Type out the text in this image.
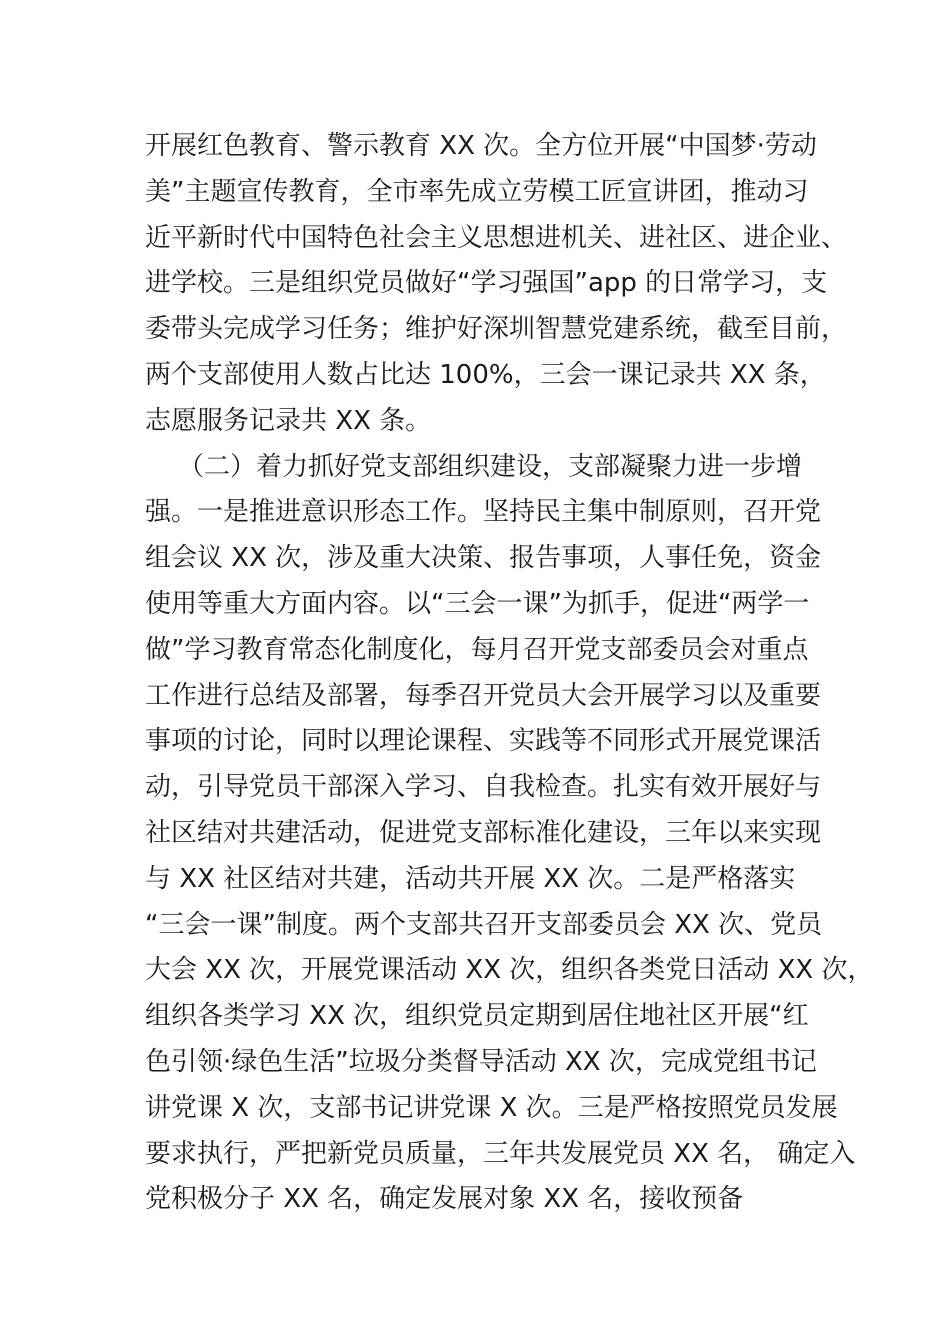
开展红色教育、警示教育 XX 次。全方位开展“中国梦·劳动
美”主题宣传教育，全市率先成立劳模工匠宣讲团，推动习
近平新时代中国特色社会主义思想进机关、进社区、进企业、
进学校。三是组织党员做好“学习强国”app 的日常学习，支
委带头完成学习任务；维护好深圳智慧党建系统，截至目前，
两个支部使用人数占比达 100%，三会一课记录共 XX 条，
志愿服务记录共 XX 条。
（二）着力抓好党支部组织建设，支部凝聚力进一步增
强。一是推进意识形态工作。坚持民主集中制原则，召开党
组会议 XX 次，涉及重大决策、报告事项，人事任免，资金
使用等重大方面内容。以“三会一课”为抓手，促进“两学一
做”学习教育常态化制度化，每月召开党支部委员会对重点
工作进行总结及部署，每季召开党员大会开展学习以及重要
事项的讨论，同时以理论课程、实践等不同形式开展党课活
动，引导党员干部深入学习、自我检查。扎实有效开展好与
社区结对共建活动，促进党支部标准化建设，三年以来实现
与 XX 社区结对共建，活动共开展 XX 次。二是严格落实
“三会一课”制度。两个支部共召开支部委员会 XX 次、党员
大会 XX 次，开展党课活动 XX 次，组织各类党日活动 XX 次，
组织各类学习 XX 次，组织党员定期到居住地社区开展“红
色引领·绿色生活”垃圾分类督导活动 XX 次，完成党组书记
讲党课 X 次，支部书记讲党课 X 次。三是严格按照党员发展
要求执行，严把新党员质量，三年共发展党员 XX 名， 确定入
党积极分子 XX 名，确定发展对象 XX 名，接收预备
